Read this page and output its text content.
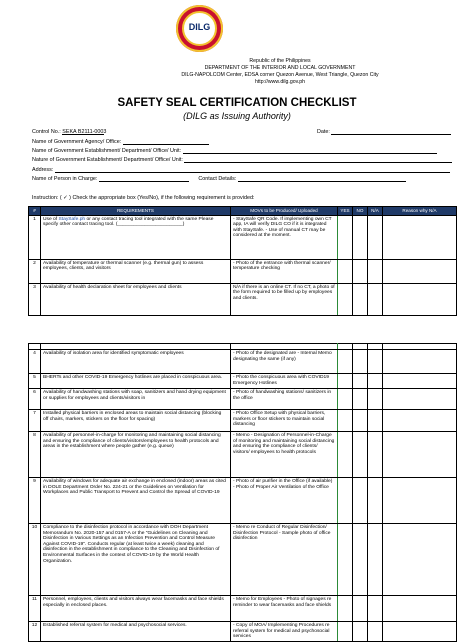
DILG
Republic of the Philippines
DEPARTMENT OF THE INTERIOR AND LOCAL GOVERNMENT
DILG-NAPOLCOM Center, EDSA corner Quezon Avenue, West Triangle, Quezon City
http://www.dilg.gov.ph
SAFETY SEAL CERTIFICATION CHECKLIST
(DILG as Issuing Authority)
Control No.: SEKA B2111-0003	Date:
Name of Government Agency/ Office:
Name of Government Establishment/ Department/ Office/ Unit:
Nature of Government Establishment/ Department/ Office/ Unit:
Address:
Name of Person in Charge:	Contact Details:
Instruction: ( ✓ ) Check the appropriate box (Yes/No), if the following requirement is provided:
#	REQUIREMENTS	MOVs to be Produced/ Uploaded	YES	NO	N/A	Reason why N/A
1	Use of StaySafe.ph or any contact tracing tool integrated with the same Please specify other contact tracing tool. (________________________)	- StaySafe QR Code. If implementing own CT app, IA will verify DILG CO if it is integrated with StaySafe. - Use of manual CT may be considered at the moment.				
2	Availability of temperature or thermal scanner (e.g. thermal gun) to assess employees, clients, and visitors	- Photo of the entrance with thermal scanner/ temperature checking				
3	Availability of health declaration sheet for employees and clients	N/A if there is an online CT. If no CT, a photo of the form required to be filled up by employees and clients.				

4	Availability of isolation area for identified symptomatic employees	- Photo of the designated are - Internal Memo designating the same (if any)				
5	BHERTs and other COVID-19 Emergency hotlines are placed in conspicuous area.	- Photo the conspicuous area with COVID19 Emergency Hotlines				
6	Availability of handwashing stations with soap, sanitizers and hand drying equipment or supplies for employees and clients/visitors in	- Photo of handwashing stations/ sanitizers in the office				
7	Installed physical barriers in enclosed areas to maintain social distancing (blocking off chairs, markers, stickers on the floor for spacing)	- Photo Office Setup with physical barriers, markers or floor stickers to maintain social distancing				
8	Availability of personnel-in-charge for monitoring and maintaining social distancing and ensuring the compliance of clients/visitors/employees to health protocols and areas in the establishment where people gather (e.g. queue)	- Memo - Designation of Personnel-in-Charge of monitoring and maintaining social distancing and ensuring the compliance of clients/ visitors/ employees to health protocols				
9	Availability of windows for adequate air exchange in enclosed (indoor) areas as cited in DOLE Department Order No. 224-21 or the Guidelines on Ventilation for Workplaces and Public Transport to Prevent and Control the Spread of COVID-19	- Photo of air purifier in the Office (if available) - Photo of Proper Air Ventilation of the Office				
10	Compliance to the disinfection protocol in accordance with DOH Department Memorandum No. 2020-157 and 0157-A or the "Guidelines on Cleaning and Disinfection in Various Settings as an Infection Prevention and Control Measure Against COVID-19". Conducts regular (at least twice a week) cleaning and disinfection in the establishment in compliance to the Cleaning and Disinfection of Environmental Surfaces in the context of COVID-19 by the World Health Organization.	- Memo re Conduct of Regular Disinfection/ Disinfection Protocol - Sample photo of office disinfection				
11	Personnel, employees, clients and visitors always wear facemasks and face shields especially in enclosed places.	- Memo for Employees - Photo of signages re reminder to wear facemasks and face shields				
12	Established referral system for medical and psychosocial services.	- Copy of MOA/ Implementing Procedures re referral system for medical and psychosocial services				
